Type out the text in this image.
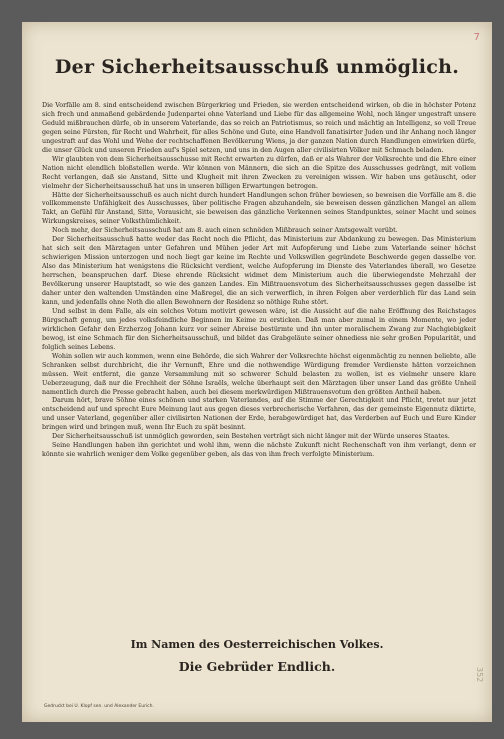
7
Der Sicherheitsausschuß unmöglich.

Die Vorfälle am 8. sind entscheidend zwischen Bürgerkrieg und Frieden, sie werden entscheidend wirken, ob die in höchster Potenz sich frech und anmaßend gebärdende Judenpartei ohne Vaterland und Liebe für das allgemeine Wohl, noch länger ungestraft unsere Geduld mißbrauchen dürfe, ob in unserem Vaterlande, das so reich an Patriotismus, so reich und mächtig an Intelligenz, so voll Treue gegen seine Fürsten, für Recht und Wahrheit, für alles Schöne und Gute, eine Handvoll fanatisirter Juden und ihr Anhang noch länger ungestraft auf das Wohl und Wehe der rechtschaffenen Bevölkerung Wiens, ja der ganzen Nation durch Handlungen einwirken dürfe, die unser Glück und unseren Frieden auf's Spiel setzen, und uns in den Augen aller civilisirten Völker mit Schmach beladen.

Wir glaubten von dem Sicherheitsausschusse mit Recht erwarten zu dürfen, daß er als Wahrer der Volksrechte und die Ehre einer Nation nicht elendlich bloßstellen werde. Wir können von Männern, die sich an die Spitze des Ausschusses gedrängt, mit vollem Recht verlangen, daß sie Anstand, Sitte und Klugheit mit ihren Zwecken zu vereinigen wissen. Wir haben uns getäuscht, oder vielmehr der Sicherheitsausschuß hat uns in unseren billigen Erwartungen betrogen.

Hätte der Sicherheitsausschuß es auch nicht durch hundert Handlungen schon früher bewiesen, so beweisen die Vorfälle am 8. die vollkommenste Unfähigkeit des Ausschusses, über politische Fragen abzuhandeln, sie beweisen dessen gänzlichen Mangel an allem Takt, an Gefühl für Anstand, Sitte, Vorausicht, sie beweisen das gänzliche Verkennen seines Standpunktes, seiner Macht und seines Wirkungskreises, seiner Volksthümlichkeit.

Noch mehr, der Sicherheitsausschuß hat am 8. auch einen schnöden Mißbrauch seiner Amtsgewalt verübt.

Der Sicherheitsausschuß hatte weder das Recht noch die Pflicht, das Ministerium zur Abdankung zu bewegen. Das Ministerium hat sich seit den Märztagen unter Gefahren und Mühen jeder Art mit Aufopferung und Liebe zum Vaterlande seiner höchst schwierigen Mission unterzogen und noch liegt gar keine im Rechte und Volkswillen gegründete Beschwerde gegen dasselbe vor. Also das Ministerium hat wenigstens die Rücksicht verdient, welche Aufopferung im Dienste des Vaterlandes überall, wo Gesetze herrschen, beanspruchen darf. Diese ehrende Rücksicht widmet dem Ministerium auch die überwiegendste Mehrzahl der Bevölkerung unserer Hauptstadt, so wie des ganzen Landes. Ein Mißtrauensvotum des Sicherheitsausschusses gegen dasselbe ist daher unter den waltenden Umständen eine Maßregel, die an sich verwerflich, in ihren Folgen aber verderblich für das Land sein kann, und jedenfalls ohne Noth die allen Bewohnern der Residenz so nöthige Ruhe stört.

Und selbst in dem Falle, als ein solches Votum motivirt gewesen wäre, ist die Aussicht auf die nahe Eröffnung des Reichstages Bürgschaft genug, um jedes volksfeindliche Beginnen im Keime zu ersticken. Daß man aber zumal in einem Momente, wo jeder wirklichen Gefahr den Erzherzog Johann kurz vor seiner Abreise bestürmte und ihn unter moralischem Zwang zur Nachgiebigkeit bewog, ist eine Schmach für den Sicherheitsausschuß, und bildet das Grabgeläute seiner ohnediess nie sehr großen Popularität, und folglich seines Lebens.

Wohin sollen wir auch kommen, wenn eine Behörde, die sich Wahrer der Volksrechte höchst eigenmächtig zu nennen beliebte, alle Schranken selbst durchbricht, die ihr Vernunft, Ehre und die nothwendige Würdigung fremder Verdienste hätten vorzeichnen müssen. Weit entfernt, die ganze Versammlung mit so schwerer Schuld belasten zu wollen, ist es vielmehr unsere klare Ueberzeugung, daß nur die Frechheit der Söhne Israëls, welche überhaupt seit den Märztagen über unser Land das größte Unheil namentlich durch die Presse gebracht haben, auch bei diesem merkwürdigen Mißtrauensvotum den größten Antheil haben.

Darum hört, brave Söhne eines schönen und starken Vaterlandes, auf die Stimme der Gerechtigkeit und Pflicht, tretet nur jetzt entscheidend auf und sprecht Eure Meinung laut aus gegen dieses verbrecherische Verfahren, das der gemeinste Eigennutz diktirte, und unser Vaterland, gegenüber aller civilisirten Nationen der Erde, herabgewürdiget hat, das Verderben auf Euch und Eure Kinder bringen wird und bringen muß, wenn Ihr Euch zu spät besinnt.

Der Sicherheitsausschuß ist unmöglich geworden, sein Bestehen verträgt sich nicht länger mit der Würde unseres Staates.

Seine Handlungen haben ihn gerichtet und wohl ihm, wenn die nächste Zukunft nicht Rechenschaft von ihm verlangt, denn er könnte sie wahrlich weniger dem Volke gegenüber geben, als das von ihm frech verfolgte Ministerium.

Im Namen des Oesterreichischen Volkes.
Die Gebrüder Endlich.
Gedruckt bei U. Klopf sen. und Alexander Eurich.
352
